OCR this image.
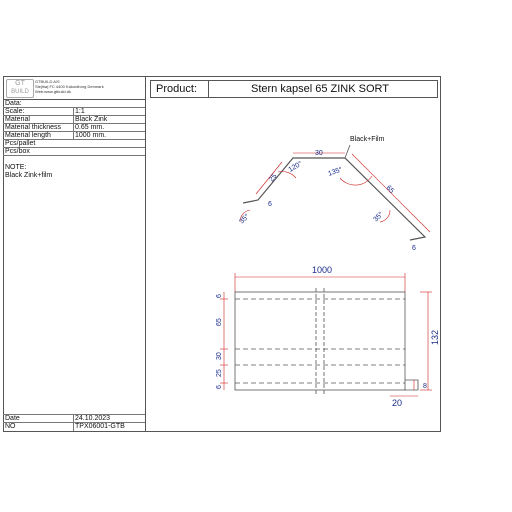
GT
BUILD
GTBUILD A/S
Stejlhøj FC 4400 Kalundborg Denmark
Web:www.gtbuild.dk
Data:
Scale:	1:1
Material	Black Zink
Material thickness 0.65 mm.
Material length	1000 mm.
Pcs/pallet
Pcs/box
NOTE:
Black Zink+film
Date	24.10.2023
NO	TPX06001-GTB
Product:	Stern kapsel 65 ZINK SORT
Black+Film
30
25
65
6
6
120°	135°
35°	35°
1000
132
8
20
6
65
30
25
6
